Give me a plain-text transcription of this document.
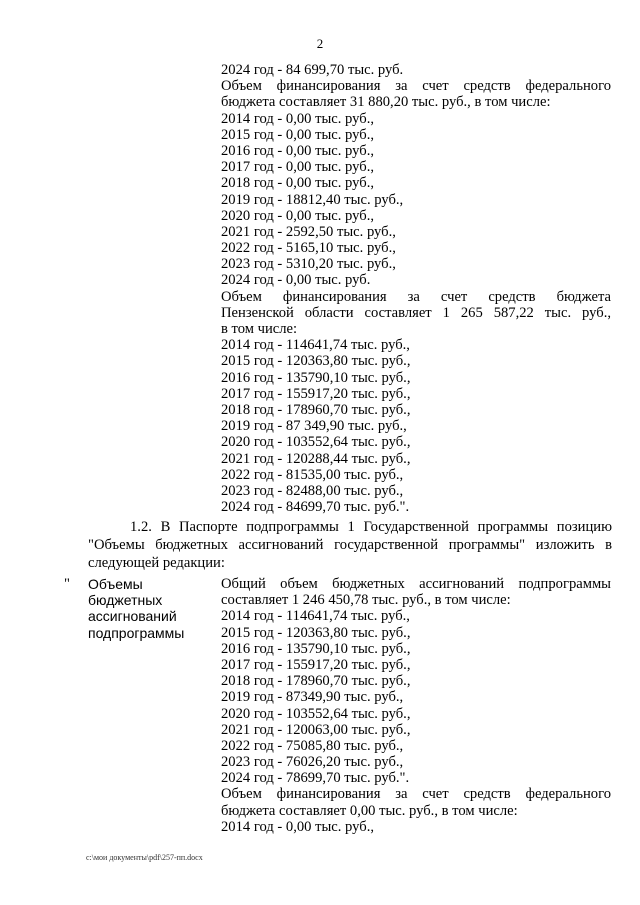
2
2024 год - 84 699,70 тыс. руб.
Объем финансирования за счет средств федерального
бюджета составляет 31 880,20 тыс. руб., в том числе:
2014 год - 0,00 тыс. руб.,
2015 год - 0,00 тыс. руб.,
2016 год - 0,00 тыс. руб.,
2017 год - 0,00 тыс. руб.,
2018 год - 0,00 тыс. руб.,
2019 год - 18812,40 тыс. руб.,
2020 год - 0,00 тыс. руб.,
2021 год - 2592,50 тыс. руб.,
2022 год - 5165,10 тыс. руб.,
2023 год - 5310,20 тыс. руб.,
2024 год - 0,00 тыс. руб.
Объем финансирования за счет средств бюджета
Пензенской области составляет 1 265 587,22 тыс. руб.,
в том числе:
2014 год - 114641,74 тыс. руб.,
2015 год - 120363,80 тыс. руб.,
2016 год - 135790,10 тыс. руб.,
2017 год - 155917,20 тыс. руб.,
2018 год - 178960,70 тыс. руб.,
2019 год - 87 349,90 тыс. руб.,
2020 год - 103552,64 тыс. руб.,
2021 год - 120288,44 тыс. руб.,
2022 год - 81535,00 тыс. руб.,
2023 год - 82488,00 тыс. руб.,
2024 год - 84699,70 тыс. руб.".
1.2. В Паспорте подпрограммы 1 Государственной программы позицию
"Объемы бюджетных ассигнований государственной программы" изложить в
следующей редакции:
" Объемы
бюджетных
ассигнований
подпрограммы
Общий объем бюджетных ассигнований подпрограммы
составляет 1 246 450,78 тыс. руб., в том числе:
2014 год - 114641,74 тыс. руб.,
2015 год - 120363,80 тыс. руб.,
2016 год - 135790,10 тыс. руб.,
2017 год - 155917,20 тыс. руб.,
2018 год - 178960,70 тыс. руб.,
2019 год - 87349,90 тыс. руб.,
2020 год - 103552,64 тыс. руб.,
2021 год - 120063,00 тыс. руб.,
2022 год - 75085,80 тыс. руб.,
2023 год - 76026,20 тыс. руб.,
2024 год - 78699,70 тыс. руб.".
Объем финансирования за счет средств федерального
бюджета составляет 0,00 тыс. руб., в том числе:
2014 год - 0,00 тыс. руб.,
c:\мои документы\pdf\257-пп.docx
